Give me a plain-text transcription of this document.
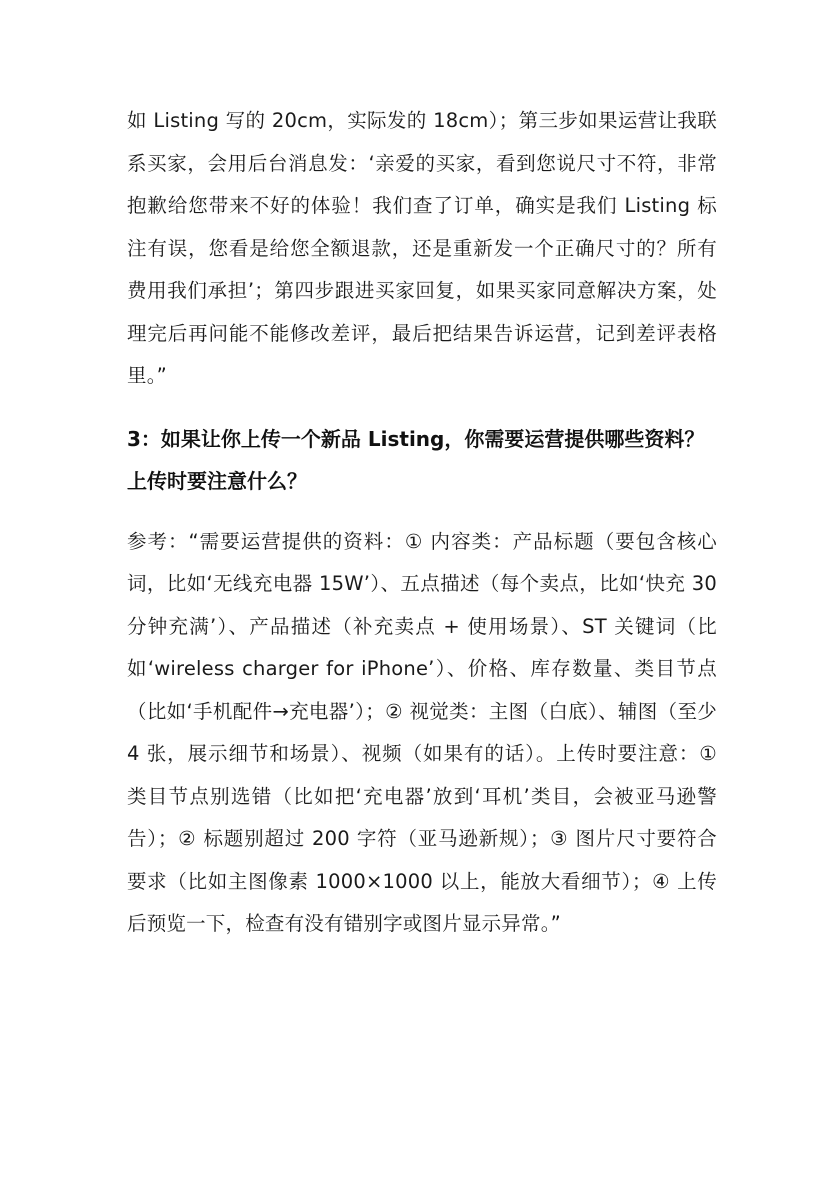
如 Listing 写的 20cm，实际发的 18cm）；第三步如果运营让我联系买家，会用后台消息发：‘亲爱的买家，看到您说尺寸不符，非常抱歉给您带来不好的体验！我们查了订单，确实是我们 Listing 标注有误，您看是给您全额退款，还是重新发一个正确尺寸的？所有费用我们承担’；第四步跟进买家回复，如果买家同意解决方案，处理完后再问能不能修改差评，最后把结果告诉运营，记到差评表格里。”

3：如果让你上传一个新品 Listing，你需要运营提供哪些资料？上传时要注意什么？

参考：“需要运营提供的资料：① 内容类：产品标题（要包含核心词，比如‘无线充电器 15W’）、五点描述（每个卖点，比如‘快充 30 分钟充满’）、产品描述（补充卖点 + 使用场景）、ST 关键词（比如‘wireless charger for iPhone’）、价格、库存数量、类目节点（比如‘手机配件→充电器’）；② 视觉类：主图（白底）、辅图（至少 4 张，展示细节和场景）、视频（如果有的话）。上传时要注意：① 类目节点别选错（比如把‘充电器’放到‘耳机’类目，会被亚马逊警告）；② 标题别超过 200 字符（亚马逊新规）；③ 图片尺寸要符合要求（比如主图像素 1000×1000 以上，能放大看细节）；④ 上传后预览一下，检查有没有错别字或图片显示异常。”
